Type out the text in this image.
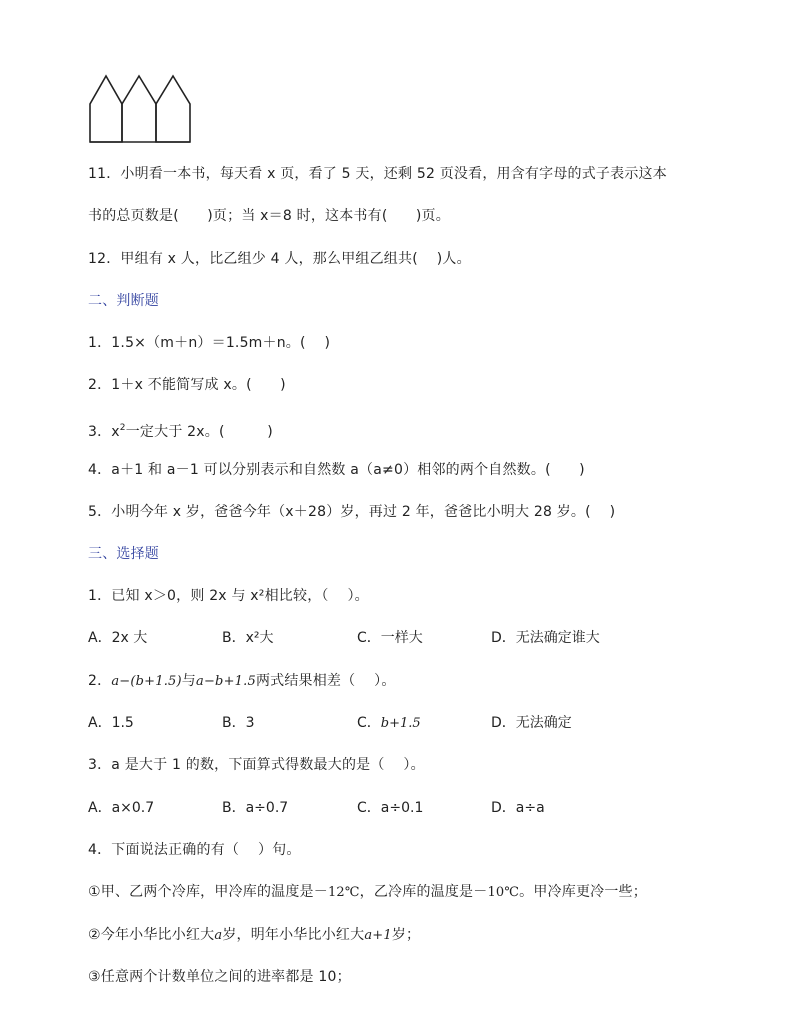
11．小明看一本书，每天看 x 页，看了 5 天，还剩 52 页没看，用含有字母的式子表示这本
书的总页数是(　　)页；当 x＝8 时，这本书有(　　)页。
12．甲组有 x 人，比乙组少 4 人，那么甲组乙组共(　 )人。
二、判断题
1．1.5×（m＋n）＝1.5m＋n。(　 )
2．1＋x 不能简写成 x。(　　)
3．$x^2$一定大于 2x。(　　　)
4．a＋1 和 a－1 可以分别表示和自然数 a（a≠0）相邻的两个自然数。(　　)
5．小明今年 x 岁，爸爸今年（x＋28）岁，再过 2 年，爸爸比小明大 28 岁。(　 )
三、选择题
1．已知 x＞0，则 2x 与 x²相比较，（　 ）。
A．2x 大	B．x²大	C．一样大	D．无法确定谁大
2．a−(b+1.5)与a−b+1.5两式结果相差（　 ）。
A．1.5	B．3	C．b+1.5	D．无法确定
3．a 是大于 1 的数，下面算式得数最大的是（　 ）。
A．a×0.7	B．a÷0.7	C．a÷0.1	D．a÷a
4．下面说法正确的有（　 ）句。
①甲、乙两个冷库，甲冷库的温度是－12℃，乙冷库的温度是－10℃。甲冷库更冷一些；
②今年小华比小红大a岁，明年小华比小红大a+1岁；
③任意两个计数单位之间的进率都是 10；
